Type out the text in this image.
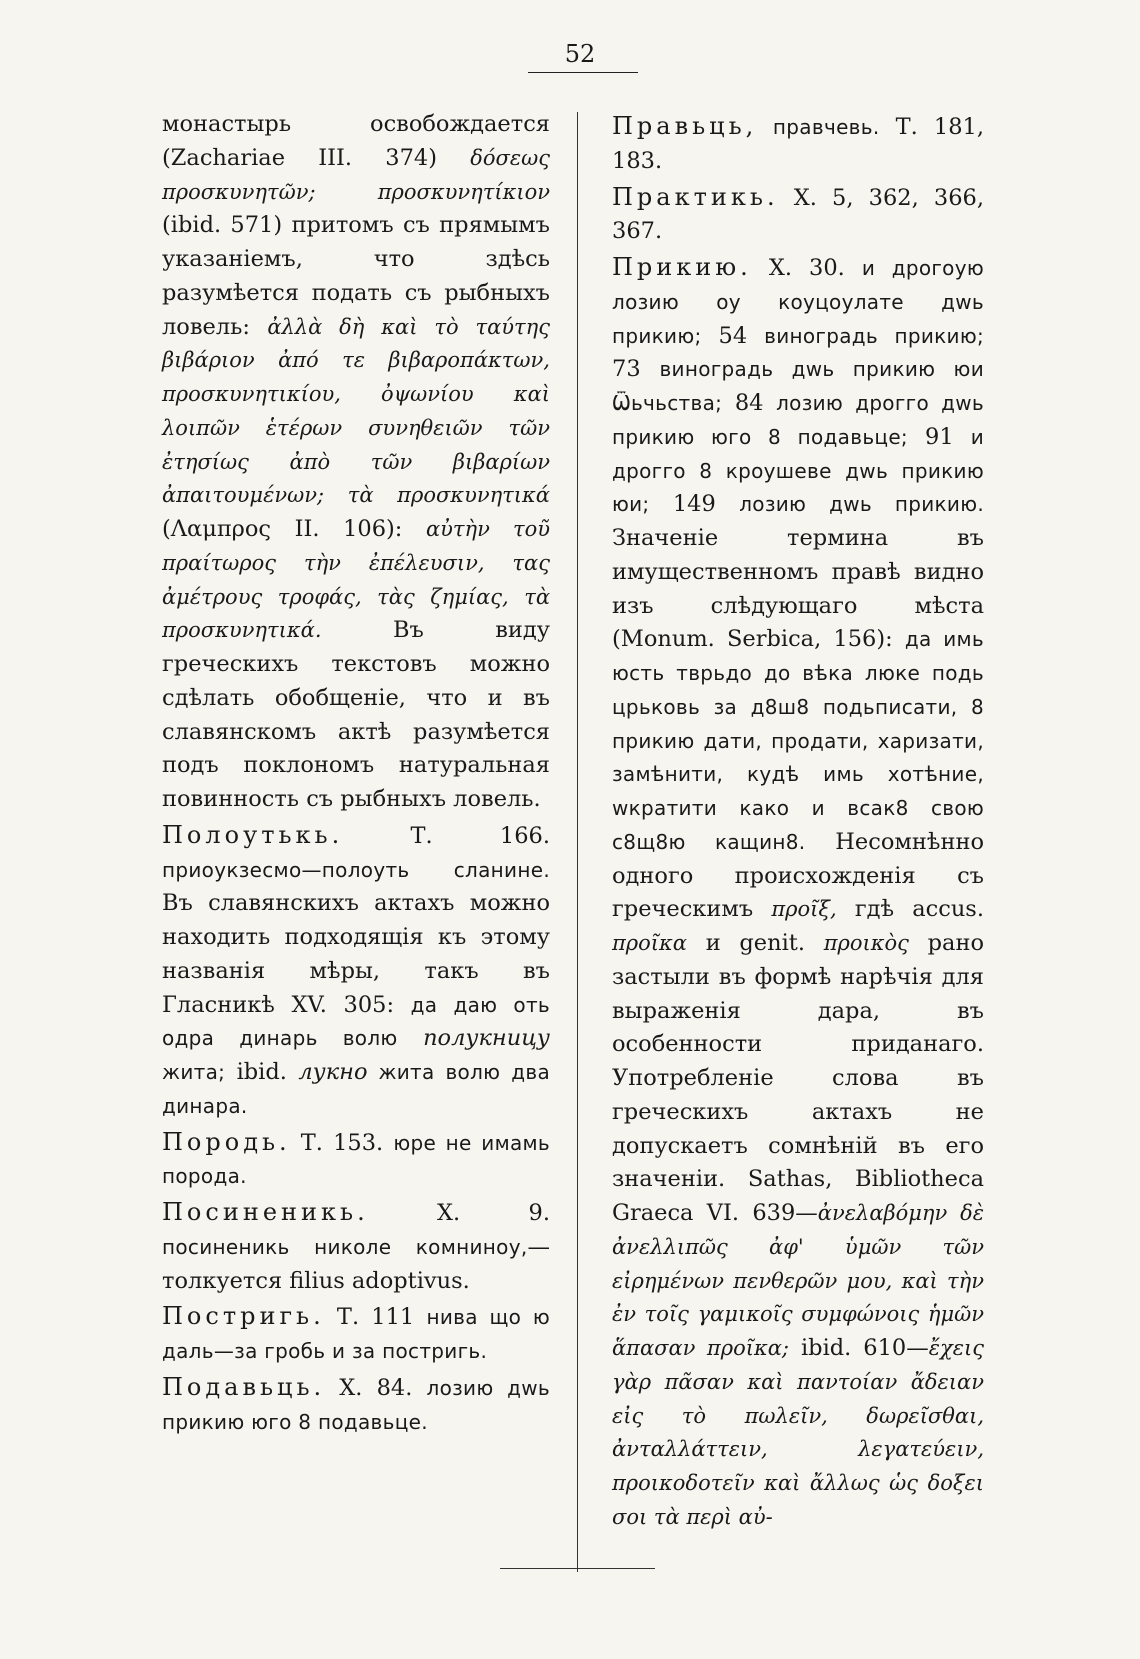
52

монастырь освобождается (Zachariae III. 374) δόσεως προσκυνητῶν; προσκυνητίκιον (ibid. 571) притомъ съ прямымъ указаніемъ, что здѣсь разумѣется подать съ рыбныхъ ловель: ἀλλὰ δὴ καὶ τὸ ταύτης βιβάριον ἀπό τε βιβαροπάκτων, προσκυνητικίου, ὀψωνίου καὶ λοιπῶν ἑτέρων συνηθειῶν τῶν ἐτησίως ἀπὸ τῶν βιβαρίων ἀπαιτουμένων; τὰ προσκυνητικά (Λαμπρος II. 106): αὐτὴν τοῦ πραίτωρος τὴν ἐπέλευσιν, τας ἀμέτρους τροφάς, τὰς ζημίας, τὰ προσκυνητικά. Въ виду греческихъ текстовъ можно сдѣлать обобщеніе, что и въ славянскомъ актѣ разумѣется подъ поклономъ натуральная повинность съ рыбныхъ ловель.

Полоутькь. Т. 166. приоукзесмо—полоуть сланине. Въ славянскихъ актахъ можно находить подходящія къ этому названія мѣры, такъ въ Гласникѣ XV. 305: да даю оть одра динарь волю полукницу жита; ibid. лукно жита волю два динара.

Породь. Т. 153. юре не имамь порода.

Посиненикь. X. 9. посиненикь николе комниноу,—толкуется filius adoptivus.

Постригь. Т. 111 нива що ю даль—за гробь и за постригь.

Подавьць. X. 84. лозию дwь прикию юго 8 подавьце.

Правьць, правчевь. Т. 181, 183.

Практикь. X. 5, 362, 366, 367.

Прикию. X. 30. и дрогоую лозию оу коуцоулате дwь прикию; 54 виноградь прикию; 73 виноградь дwь прикию юи Ѿьчьства; 84 лозию дрогго дwь прикию юго 8 подавьце; 91 и дрогго 8 кроушеве дwь прикию юи; 149 лозию дwь прикию. Значеніе термина въ имущественномъ правѣ видно изъ слѣдующаго мѣста (Monum. Serbica, 156): да имь юсть тврьдо до вѣка люке подь црьковь за д8ш8 подьписати, 8 прикию дати, продати, харизати, замѣнити, кудѣ имь хотѣние, wкратити како и всак8 свою с8щ8ю кащин8. Несомнѣнно одного происхожденія съ греческимъ προῖξ, гдѣ accus. προῖκα и genit. προικὸς рано застыли въ формѣ нарѣчія для выраженія дара, въ особенности приданаго. Употребленіе слова въ греческихъ актахъ не допускаетъ сомнѣній въ его значеніи. Sathas, Bibliotheca Graeca VI. 639—ἀνελαβόμην δὲ ἀνελλιπῶς ἀφ' ὑμῶν τῶν εἰρημένων πενθερῶν μου, καὶ τὴν ἐν τοῖς γαμικοῖς συμφώνοις ἡμῶν ἅπασαν προῖκα; ibid. 610—ἔχεις γὰρ πᾶσαν καὶ παντοίαν ἄδειαν εἰς τὸ πωλεῖν, δωρεῖσθαι, ἀνταλλάττειν, λεγατεύειν, προικοδοτεῖν καὶ ἄλλως ὡς δοξει σοι τὰ περὶ αὐ-
